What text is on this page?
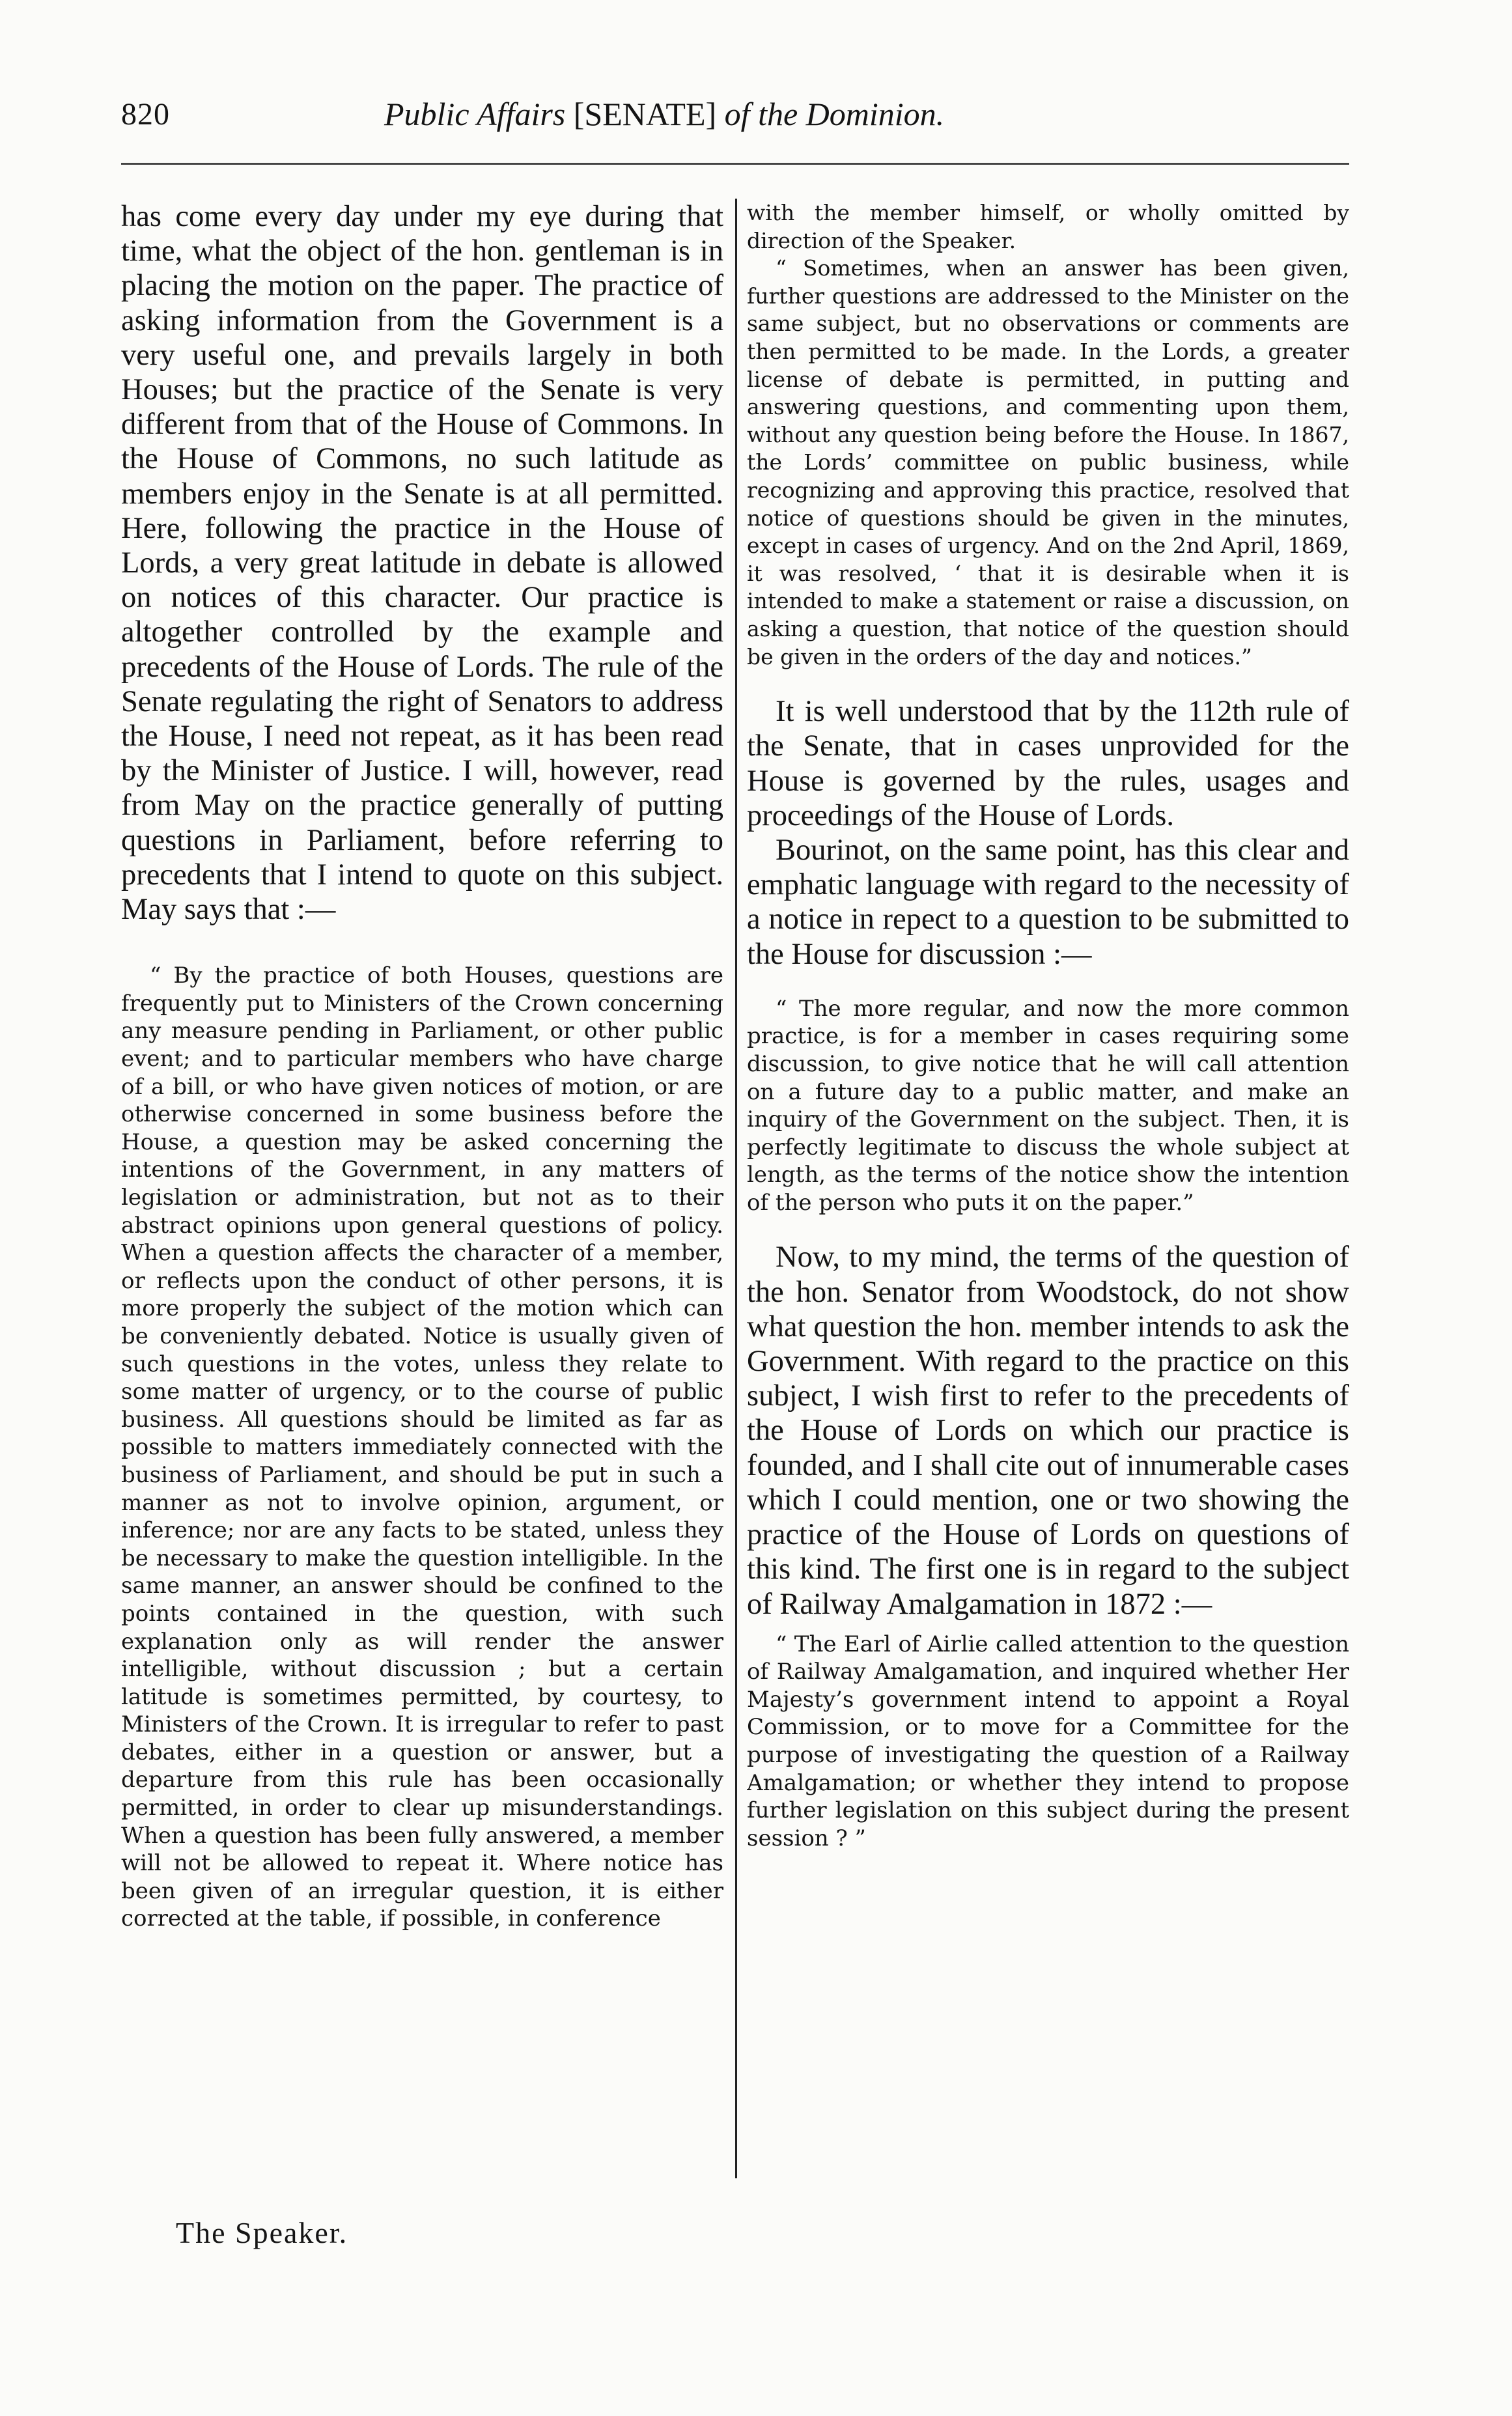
820	Public Affairs [SENATE] of the Dominion.

has come every day under my eye during that time, what the object of the hon. gentleman is in placing the motion on the paper. The practice of asking information from the Government is a very useful one, and prevails largely in both Houses; but the practice of the Senate is very different from that of the House of Commons. In the House of Commons, no such latitude as members enjoy in the Senate is at all permitted. Here, following the practice in the House of Lords, a very great latitude in debate is allowed on notices of this character. Our practice is altogether controlled by the example and precedents of the House of Lords. The rule of the Senate regulating the right of Senators to address the House, I need not repeat, as it has been read by the Minister of Justice. I will, however, read from May on the practice generally of putting questions in Parliament, before referring to precedents that I intend to quote on this subject. May says that :—

“ By the practice of both Houses, questions are frequently put to Ministers of the Crown concerning any measure pending in Parliament, or other public event; and to particular members who have charge of a bill, or who have given notices of motion, or are otherwise concerned in some business before the House, a question may be asked concerning the intentions of the Government, in any matters of legislation or administration, but not as to their abstract opinions upon general questions of policy. When a question affects the character of a member, or reflects upon the conduct of other persons, it is more properly the subject of the motion which can be conveniently debated. Notice is usually given of such questions in the votes, unless they relate to some matter of urgency, or to the course of public business. All questions should be limited as far as possible to matters immediately connected with the business of Parliament, and should be put in such a manner as not to involve opinion, argument, or inference; nor are any facts to be stated, unless they be necessary to make the question intelligible. In the same manner, an answer should be confined to the points contained in the question, with such explanation only as will render the answer intelligible, without discussion ; but a certain latitude is sometimes permitted, by courtesy, to Ministers of the Crown. It is irregular to refer to past debates, either in a question or answer, but a departure from this rule has been occasionally permitted, in order to clear up misunderstandings. When a question has been fully answered, a member will not be allowed to repeat it. Where notice has been given of an irregular question, it is either corrected at the table, if possible, in conference

with the member himself, or wholly omitted by direction of the Speaker.

“ Sometimes, when an answer has been given, further questions are addressed to the Minister on the same subject, but no observations or comments are then permitted to be made. In the Lords, a greater license of debate is permitted, in putting and answering questions, and commenting upon them, without any question being before the House. In 1867, the Lords’ committee on public business, while recognizing and approving this practice, resolved that notice of questions should be given in the minutes, except in cases of urgency. And on the 2nd April, 1869, it was resolved, ‘ that it is desirable when it is intended to make a statement or raise a discussion, on asking a question, that notice of the question should be given in the orders of the day and notices.”

It is well understood that by the 112th rule of the Senate, that in cases unprovided for the House is governed by the rules, usages and proceedings of the House of Lords.

Bourinot, on the same point, has this clear and emphatic language with regard to the necessity of a notice in repect to a question to be submitted to the House for discussion :—

“ The more regular, and now the more common practice, is for a member in cases requiring some discussion, to give notice that he will call attention on a future day to a public matter, and make an inquiry of the Government on the subject. Then, it is perfectly legitimate to discuss the whole subject at length, as the terms of the notice show the intention of the person who puts it on the paper.”

Now, to my mind, the terms of the question of the hon. Senator from Woodstock, do not show what question the hon. member intends to ask the Government. With regard to the practice on this subject, I wish first to refer to the precedents of the House of Lords on which our practice is founded, and I shall cite out of innumerable cases which I could mention, one or two showing the practice of the House of Lords on questions of this kind. The first one is in regard to the subject of Railway Amalgamation in 1872 :—

“ The Earl of Airlie called attention to the question of Railway Amalgamation, and inquired whether Her Majesty’s government intend to appoint a Royal Commission, or to move for a Committee for the purpose of investigating the question of a Railway Amalgamation; or whether they intend to propose further legislation on this subject during the present session ? ”

The Speaker.
